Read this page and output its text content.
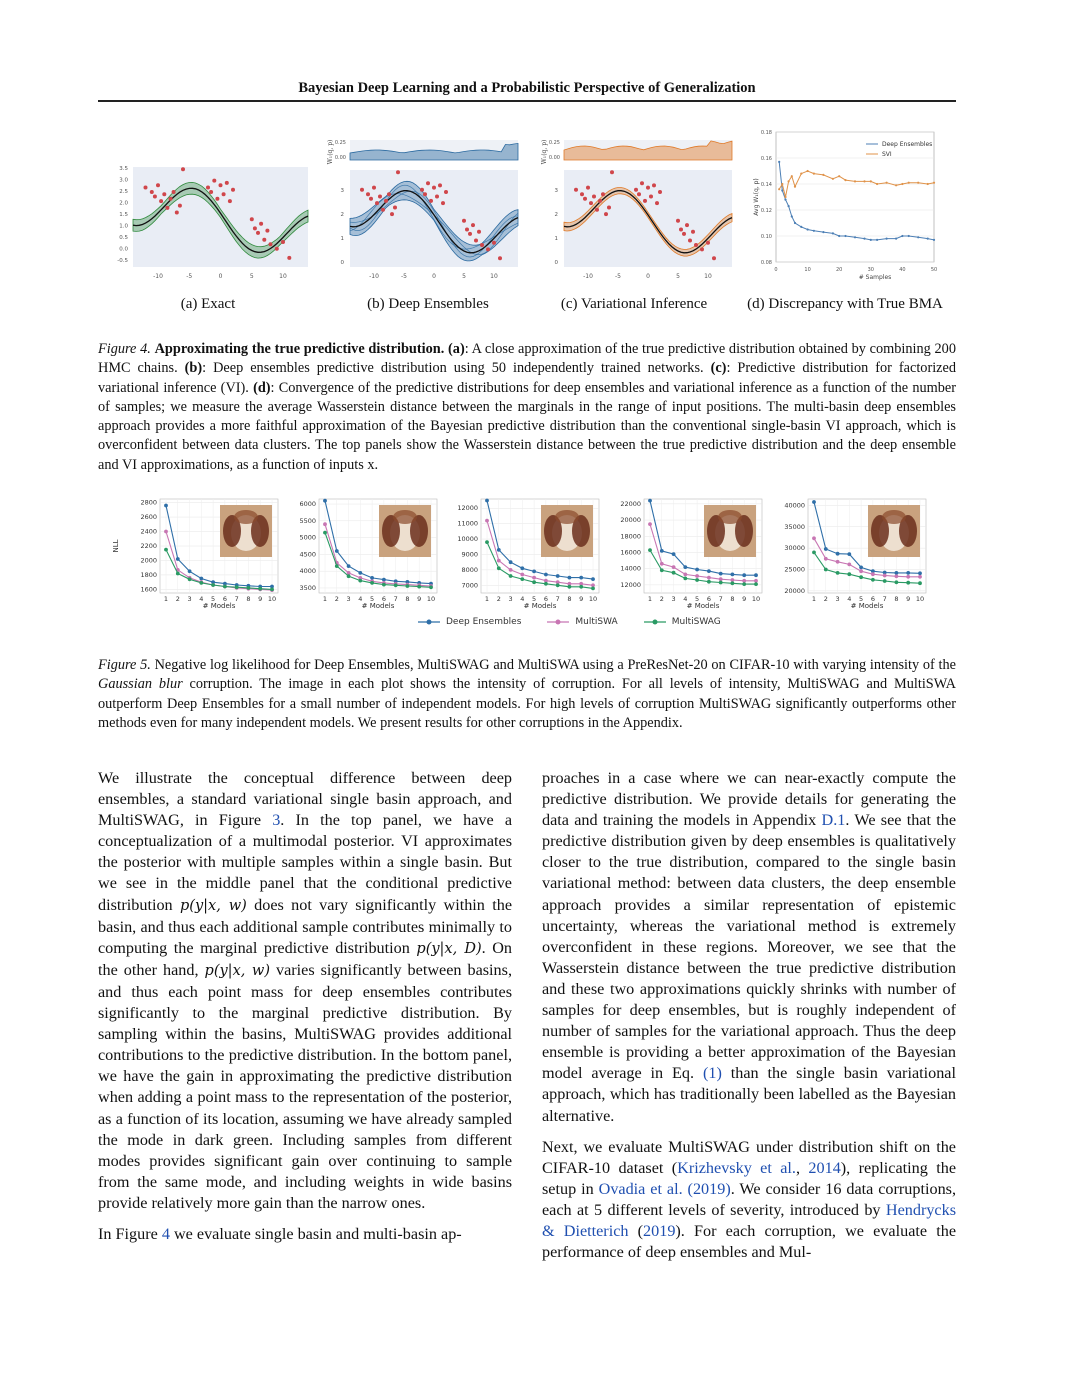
Bayesian Deep Learning and a Probabilistic Perspective of Generalization
-10	-5	0	5	10
3.5
3.0
2.5
2.0
1.5
1.0
0.5
0.0
-0.5
0.25
0.00
W₁(q, p)
-10	-5	0	5	10
3
2
1
0
0.25
0.00
W₁(q, p)
-10	-5	0	5	10
3
2
1
0
0.18
0.16
0.14
0.12
0.10
0.08
0	10	20	30	40	50
# Samples
Avg W₁(q, p)
Deep Ensembles
SVI
(a) Exact	(b) Deep Ensembles	(c) Variational Inference	(d) Discrepancy with True BMA
Figure 4. Approximating the true predictive distribution. (a): A close approximation of the true predictive distribution obtained by combining 200 HMC chains. (b): Deep ensembles predictive distribution using 50 independently trained networks. (c): Predictive distribution for factorized variational inference (VI). (d): Convergence of the predictive distributions for deep ensembles and variational inference as a function of the number of samples; we measure the average Wasserstein distance between the marginals in the range of input positions. The multi-basin deep ensembles approach provides a more faithful approximation of the Bayesian predictive distribution than the conventional single-basin VI approach, which is overconfident between data clusters. The top panels show the Wasserstein distance between the true predictive distribution and the deep ensemble and VI approximations, as a function of inputs x.
2800
2600
2400
2200
2000
1800
1600
1 2 3 4 5 6 7 8 9 10
# Models
NLL
6000
5500
5000
4500
4000
3500
1 2 3 4 5 6 7 8 9 10
# Models
12000
11000
10000
9000
8000
7000
1 2 3 4 5 6 7 8 9 10
# Models
22000
20000
18000
16000
14000
12000
1 2 3 4 5 6 7 8 9 10
# Models
40000
35000
30000
25000
20000
1 2 3 4 5 6 7 8 9 10
# Models
Deep Ensembles	MultiSWA	MultiSWAG
Figure 5. Negative log likelihood for Deep Ensembles, MultiSWAG and MultiSWA using a PreResNet-20 on CIFAR-10 with varying intensity of the Gaussian blur corruption. The image in each plot shows the intensity of corruption. For all levels of intensity, MultiSWAG and MultiSWA outperform Deep Ensembles for a small number of independent models. For high levels of corruption MultiSWAG significantly outperforms other methods even for many independent models. We present results for other corruptions in the Appendix.

We illustrate the conceptual difference between deep ensembles, a standard variational single basin approach, and MultiSWAG, in Figure 3. In the top panel, we have a conceptualization of a multimodal posterior. VI approximates the posterior with multiple samples within a single basin. But we see in the middle panel that the conditional predictive distribution p(y|x, w) does not vary significantly within the basin, and thus each additional sample contributes minimally to computing the marginal predictive distribution p(y|x, D). On the other hand, p(y|x, w) varies significantly between basins, and thus each point mass for deep ensembles contributes significantly to the marginal predictive distribution. By sampling within the basins, MultiSWAG provides additional contributions to the predictive distribution. In the bottom panel, we have the gain in approximating the predictive distribution when adding a point mass to the representation of the posterior, as a function of its location, assuming we have already sampled the mode in dark green. Including samples from different modes provides significant gain over continuing to sample from the same mode, and including weights in wide basins provide relatively more gain than the narrow ones.

In Figure 4 we evaluate single basin and multi-basin ap-

proaches in a case where we can near-exactly compute the predictive distribution. We provide details for generating the data and training the models in Appendix D.1. We see that the predictive distribution given by deep ensembles is qualitatively closer to the true distribution, compared to the single basin variational method: between data clusters, the deep ensemble approach provides a similar representation of epistemic uncertainty, whereas the variational method is extremely overconfident in these regions. Moreover, we see that the Wasserstein distance between the true predictive distribution and these two approximations quickly shrinks with number of samples for deep ensembles, but is roughly independent of number of samples for the variational approach. Thus the deep ensemble is providing a better approximation of the Bayesian model average in Eq. (1) than the single basin variational approach, which has traditionally been labelled as the Bayesian alternative.

Next, we evaluate MultiSWAG under distribution shift on the CIFAR-10 dataset (Krizhevsky et al., 2014), replicating the setup in Ovadia et al. (2019). We consider 16 data corruptions, each at 5 different levels of severity, introduced by Hendrycks & Dietterich (2019). For each corruption, we evaluate the performance of deep ensembles and Mul-
